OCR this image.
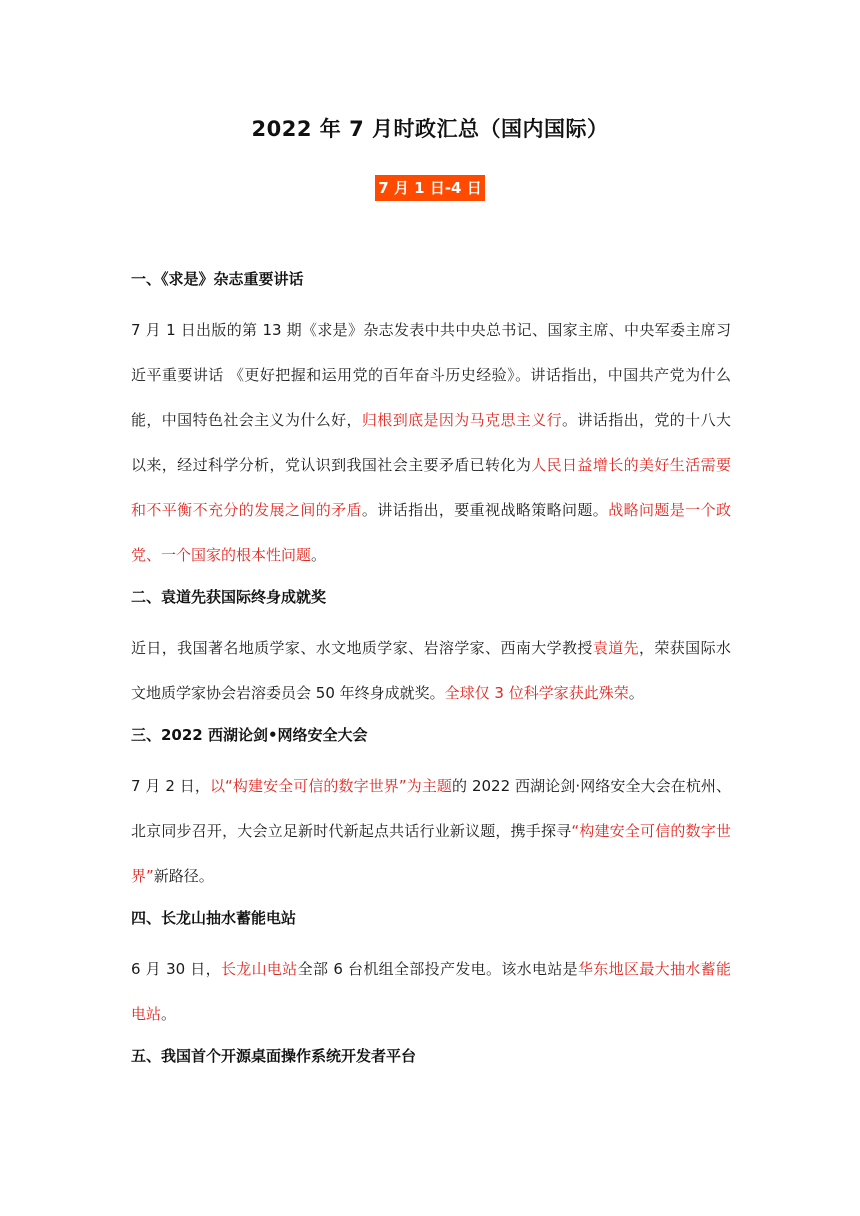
2022 年 7 月时政汇总（国内国际）
7 月 1 日-4 日
一、《求是》杂志重要讲话
7 月 1 日出版的第 13 期《求是》杂志发表中共中央总书记、国家主席、中央军委主席习近平重要讲话 《更好把握和运用党的百年奋斗历史经验》。讲话指出，中国共产党为什么能，中国特色社会主义为什么好，归根到底是因为马克思主义行。讲话指出，党的十八大以来，经过科学分析，党认识到我国社会主要矛盾已转化为人民日益增长的美好生活需要和不平衡不充分的发展之间的矛盾。讲话指出，要重视战略策略问题。战略问题是一个政党、一个国家的根本性问题。
二、袁道先获国际终身成就奖
近日，我国著名地质学家、水文地质学家、岩溶学家、西南大学教授袁道先，荣获国际水文地质学家协会岩溶委员会 50 年终身成就奖。全球仅 3 位科学家获此殊荣。
三、2022 西湖论剑•网络安全大会
7 月 2 日，以“构建安全可信的数字世界”为主题的 2022 西湖论剑·网络安全大会在杭州、北京同步召开，大会立足新时代新起点共话行业新议题，携手探寻“构建安全可信的数字世界”新路径。
四、长龙山抽水蓄能电站
6 月 30 日，长龙山电站全部 6 台机组全部投产发电。该水电站是华东地区最大抽水蓄能电站。
五、我国首个开源桌面操作系统开发者平台
